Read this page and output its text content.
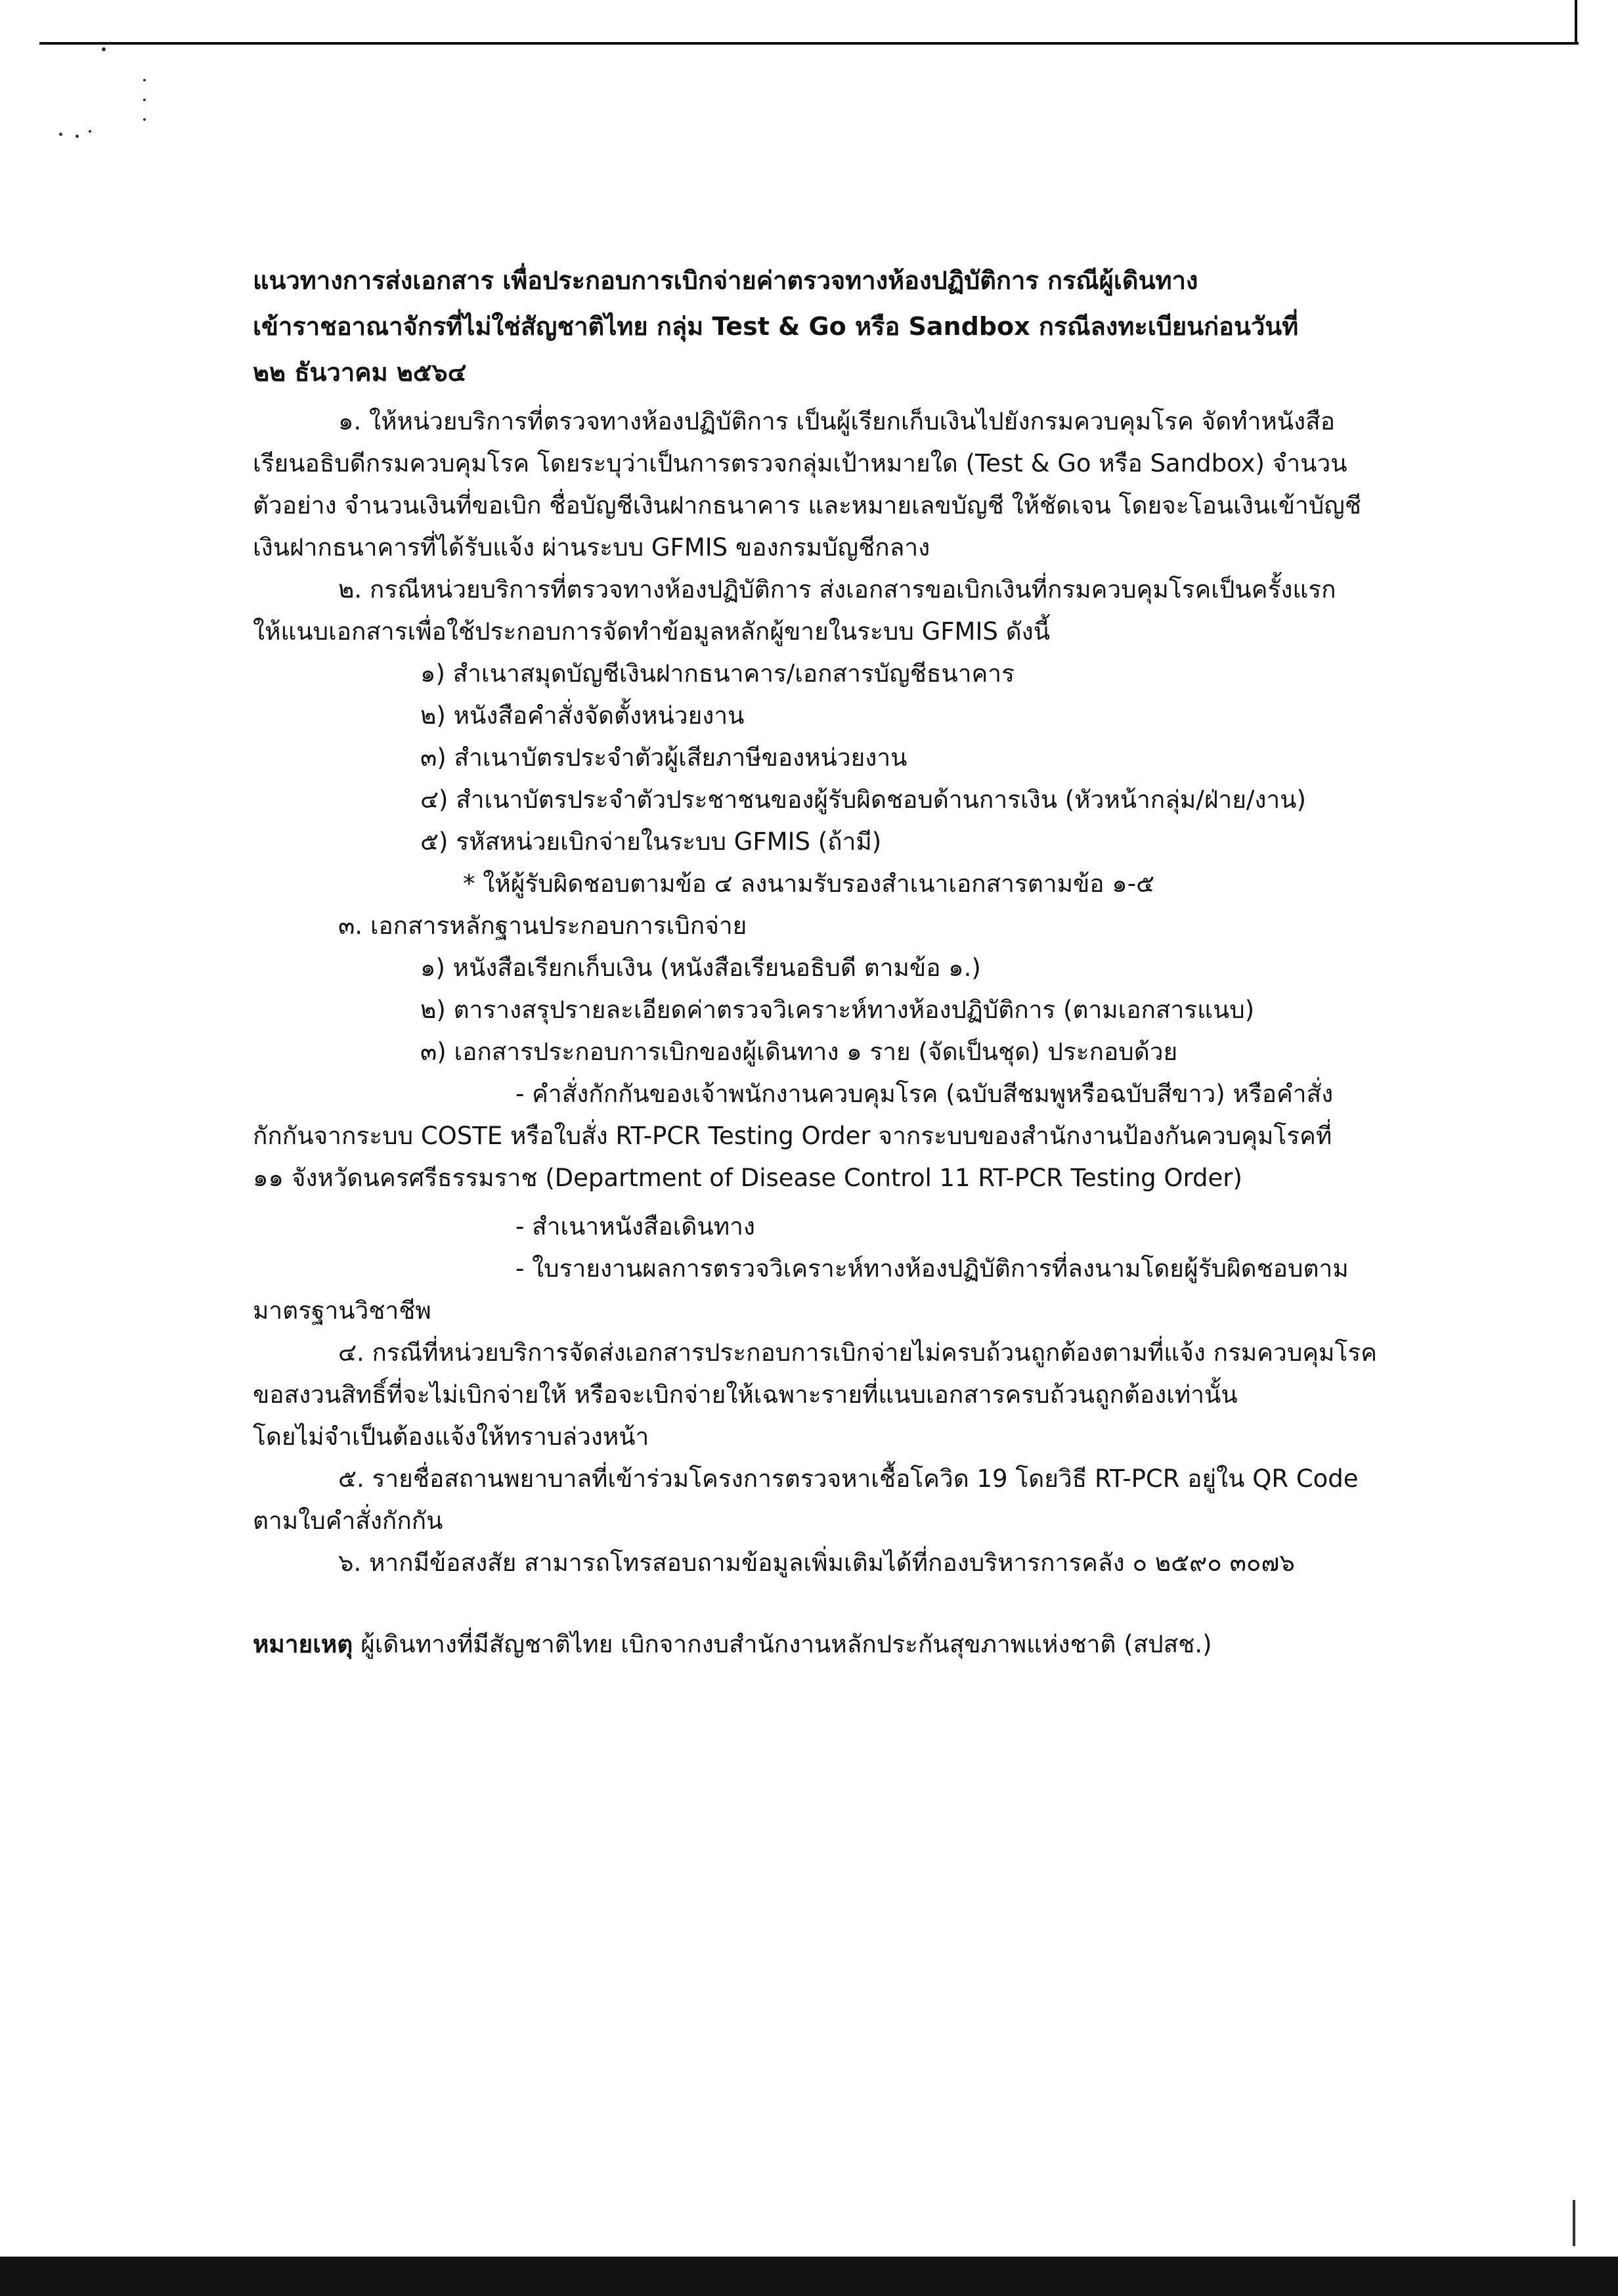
แนวทางการส่งเอกสาร เพื่อประกอบการเบิกจ่ายค่าตรวจทางห้องปฏิบัติการ กรณีผู้เดินทาง
เข้าราชอาณาจักรที่ไม่ใช่สัญชาติไทย กลุ่ม Test & Go หรือ Sandbox กรณีลงทะเบียนก่อนวันที่
๒๒ ธันวาคม ๒๕๖๔
๑. ให้หน่วยบริการที่ตรวจทางห้องปฏิบัติการ เป็นผู้เรียกเก็บเงินไปยังกรมควบคุมโรค จัดทำหนังสือ
เรียนอธิบดีกรมควบคุมโรค โดยระบุว่าเป็นการตรวจกลุ่มเป้าหมายใด (Test & Go หรือ Sandbox) จำนวน
ตัวอย่าง จำนวนเงินที่ขอเบิก ชื่อบัญชีเงินฝากธนาคาร และหมายเลขบัญชี ให้ชัดเจน โดยจะโอนเงินเข้าบัญชี
เงินฝากธนาคารที่ได้รับแจ้ง ผ่านระบบ GFMIS ของกรมบัญชีกลาง
๒. กรณีหน่วยบริการที่ตรวจทางห้องปฏิบัติการ ส่งเอกสารขอเบิกเงินที่กรมควบคุมโรคเป็นครั้งแรก
ให้แนบเอกสารเพื่อใช้ประกอบการจัดทำข้อมูลหลักผู้ขายในระบบ GFMIS ดังนี้
๑) สำเนาสมุดบัญชีเงินฝากธนาคาร/เอกสารบัญชีธนาคาร
๒) หนังสือคำสั่งจัดตั้งหน่วยงาน
๓) สำเนาบัตรประจำตัวผู้เสียภาษีของหน่วยงาน
๔) สำเนาบัตรประจำตัวประชาชนของผู้รับผิดชอบด้านการเงิน (หัวหน้ากลุ่ม/ฝ่าย/งาน)
๕) รหัสหน่วยเบิกจ่ายในระบบ GFMIS (ถ้ามี)
* ให้ผู้รับผิดชอบตามข้อ ๔ ลงนามรับรองสำเนาเอกสารตามข้อ ๑-๕
๓. เอกสารหลักฐานประกอบการเบิกจ่าย
๑) หนังสือเรียกเก็บเงิน (หนังสือเรียนอธิบดี ตามข้อ ๑.)
๒) ตารางสรุปรายละเอียดค่าตรวจวิเคราะห์ทางห้องปฏิบัติการ (ตามเอกสารแนบ)
๓) เอกสารประกอบการเบิกของผู้เดินทาง ๑ ราย (จัดเป็นชุด) ประกอบด้วย
- คำสั่งกักกันของเจ้าพนักงานควบคุมโรค (ฉบับสีชมพูหรือฉบับสีขาว) หรือคำสั่ง
กักกันจากระบบ COSTE หรือใบสั่ง RT-PCR Testing Order จากระบบของสำนักงานป้องกันควบคุมโรคที่
๑๑ จังหวัดนครศรีธรรมราช (Department of Disease Control 11 RT-PCR Testing Order)
- สำเนาหนังสือเดินทาง
- ใบรายงานผลการตรวจวิเคราะห์ทางห้องปฏิบัติการที่ลงนามโดยผู้รับผิดชอบตาม
มาตรฐานวิชาชีพ
๔. กรณีที่หน่วยบริการจัดส่งเอกสารประกอบการเบิกจ่ายไม่ครบถ้วนถูกต้องตามที่แจ้ง กรมควบคุมโรค
ขอสงวนสิทธิ์ที่จะไม่เบิกจ่ายให้ หรือจะเบิกจ่ายให้เฉพาะรายที่แนบเอกสารครบถ้วนถูกต้องเท่านั้น
โดยไม่จำเป็นต้องแจ้งให้ทราบล่วงหน้า
๕. รายชื่อสถานพยาบาลที่เข้าร่วมโครงการตรวจหาเชื้อโควิด 19 โดยวิธี RT-PCR อยู่ใน QR Code
ตามใบคำสั่งกักกัน
๖. หากมีข้อสงสัย สามารถโทรสอบถามข้อมูลเพิ่มเติมได้ที่กองบริหารการคลัง ๐ ๒๕๙๐ ๓๐๗๖
หมายเหตุ ผู้เดินทางที่มีสัญชาติไทย เบิกจากงบสำนักงานหลักประกันสุขภาพแห่งชาติ (สปสช.)
